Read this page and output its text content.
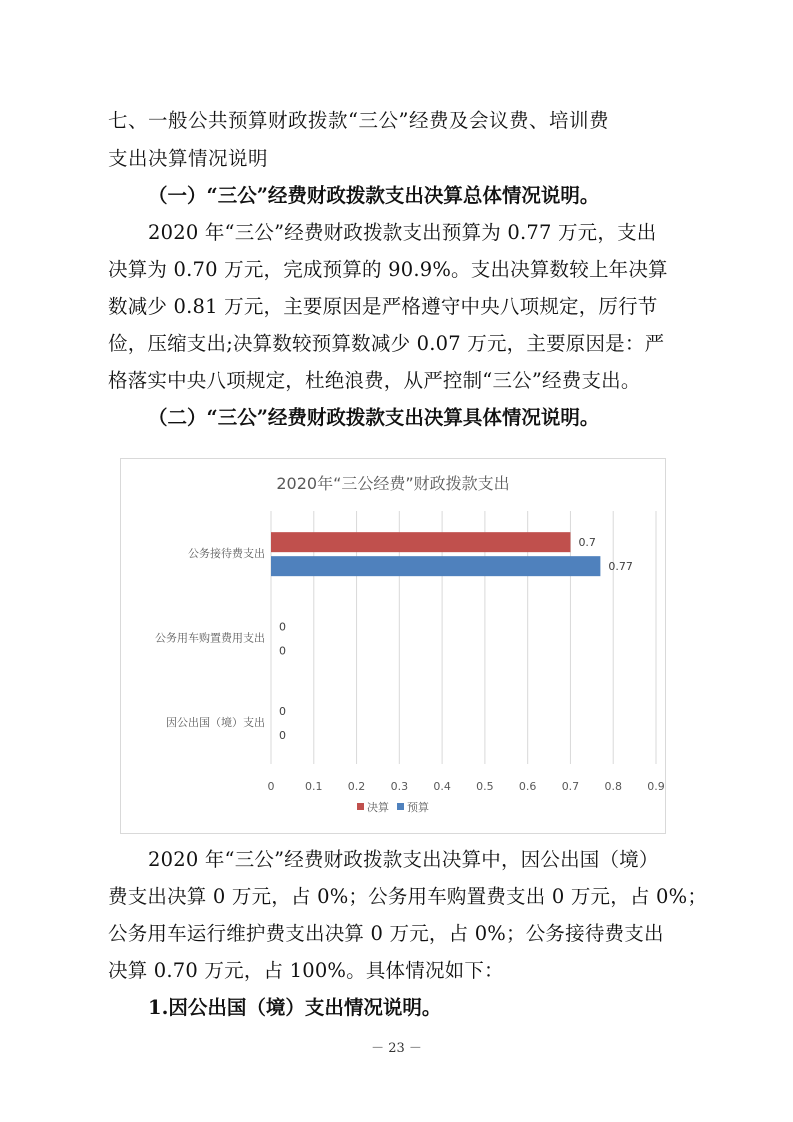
七、一般公共预算财政拨款“三公”经费及会议费、培训费
支出决算情况说明
（一）“三公”经费财政拨款支出决算总体情况说明。
2020 年“三公”经费财政拨款支出预算为 0.77 万元，支出
决算为 0.70 万元，完成预算的 90.9%。支出决算数较上年决算
数减少 0.81 万元，主要原因是严格遵守中央八项规定，厉行节
俭，压缩支出;决算数较预算数减少 0.07 万元，主要原因是：严
格落实中央八项规定，杜绝浪费，从严控制“三公”经费支出。
（二）“三公”经费财政拨款支出决算具体情况说明。
2020年“三公经费”财政拨款支出
0	0.1 0.2 0.3 0.4 0.5 0.6 0.7 0.8 0.9
公务接待费支出
0.7
0.77
公务用车购置费用支出
0
0
因公出国（境）支出
0
0
决算 预算
2020 年“三公”经费财政拨款支出决算中，因公出国（境）
费支出决算 0 万元，占 0%；公务用车购置费支出 0 万元，占 0%；
公务用车运行维护费支出决算 0 万元，占 0%；公务接待费支出
决算 0.70 万元，占 100%。具体情况如下：
1.因公出国（境）支出情况说明。
－ 23 －
